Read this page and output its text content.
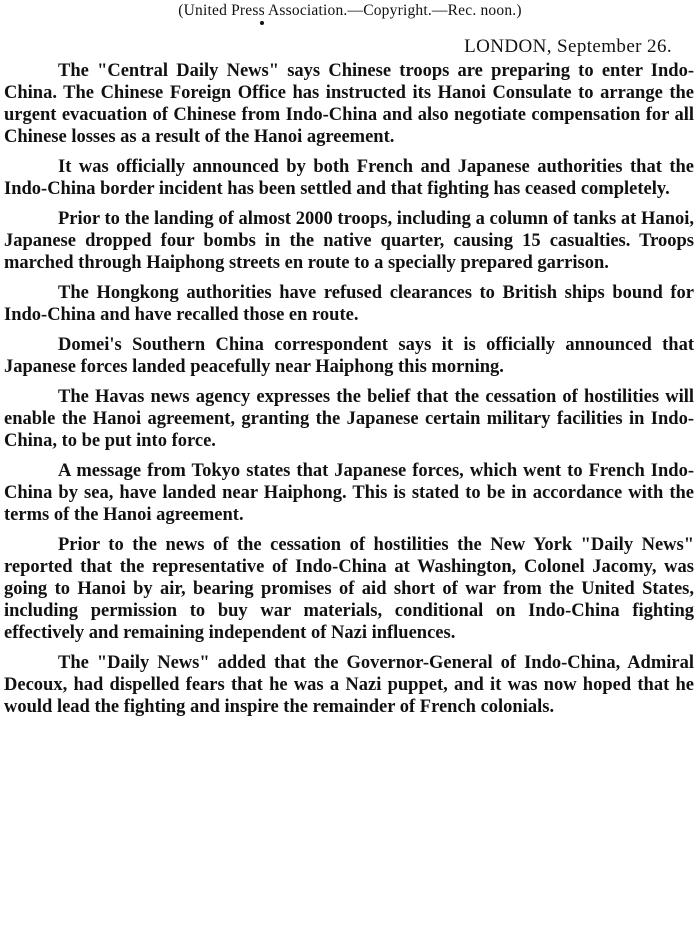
(United Press Association.—Copyright.—Rec. noon.)
LONDON, September 26.

The "Central Daily News" says Chinese troops are preparing to enter Indo-China. The Chinese Foreign Office has instructed its Hanoi Consulate to arrange the urgent evacuation of Chinese from Indo-China and also negotiate compensation for all Chinese losses as a result of the Hanoi agreement.

It was officially announced by both French and Japanese authorities that the Indo-China border incident has been settled and that fighting has ceased completely.

Prior to the landing of almost 2000 troops, including a column of tanks at Hanoi, Japanese dropped four bombs in the native quarter, causing 15 casualties. Troops marched through Haiphong streets en route to a specially prepared garrison.

The Hongkong authorities have refused clearances to British ships bound for Indo-China and have recalled those en route.

Domei's Southern China correspondent says it is officially announced that Japanese forces landed peacefully near Haiphong this morning.

The Havas news agency expresses the belief that the cessation of hostilities will enable the Hanoi agreement, granting the Japanese certain military facilities in Indo-China, to be put into force.

A message from Tokyo states that Japanese forces, which went to French Indo-China by sea, have landed near Haiphong. This is stated to be in accordance with the terms of the Hanoi agreement.

Prior to the news of the cessation of hostilities the New York "Daily News" reported that the representative of Indo-China at Washington, Colonel Jacomy, was going to Hanoi by air, bearing promises of aid short of war from the United States, including permission to buy war materials, conditional on Indo-China fighting effectively and remaining independent of Nazi influences.

The "Daily News" added that the Governor-General of Indo-China, Admiral Decoux, had dispelled fears that he was a Nazi puppet, and it was now hoped that he would lead the fighting and inspire the remainder of French colonials.
